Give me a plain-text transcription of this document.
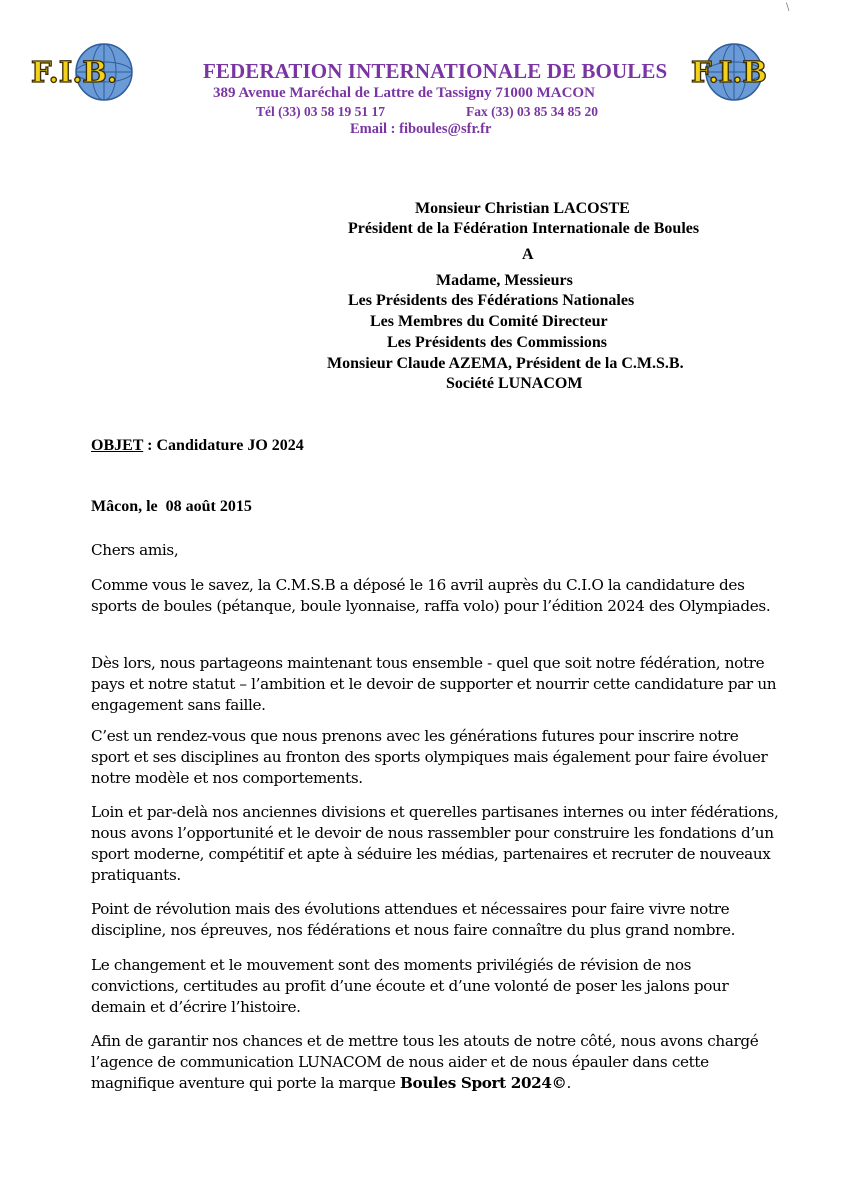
F.I.B.	F.I.B
\
FEDERATION INTERNATIONALE DE BOULES
389 Avenue Maréchal de Lattre de Tassigny 71000 MACON
Tél (33) 03 58 19 51 17	Fax (33) 03 85 34 85 20
Email : fiboules@sfr.fr
Monsieur Christian LACOSTE
Président de la Fédération Internationale de Boules
A
Madame, Messieurs
Les Présidents des Fédérations Nationales
Les Membres du Comité Directeur
Les Présidents des Commissions
Monsieur Claude AZEMA, Président de la C.M.S.B.
Société LUNACOM
OBJET : Candidature JO 2024
Mâcon, le  08 août 2015
Chers amis,
Comme vous le savez, la C.M.S.B a déposé le 16 avril auprès du C.I.O la candidature des sports de boules (pétanque, boule lyonnaise, raffa volo) pour l’édition 2024 des Olympiades.
Dès lors, nous partageons maintenant tous ensemble - quel que soit notre fédération, notre pays et notre statut – l’ambition et le devoir de supporter et nourrir cette candidature par un engagement sans faille.
C’est un rendez-vous que nous prenons avec les générations futures pour inscrire notre sport et ses disciplines au fronton des sports olympiques mais également pour faire évoluer notre modèle et nos comportements.
Loin et par-delà nos anciennes divisions et querelles partisanes internes ou inter fédérations, nous avons l’opportunité et le devoir de nous rassembler pour construire les fondations d’un sport moderne, compétitif et apte à séduire les médias, partenaires et recruter de nouveaux pratiquants.
Point de révolution mais des évolutions attendues et nécessaires pour faire vivre notre discipline, nos épreuves, nos fédérations et nous faire connaître du plus grand nombre.
Le changement et le mouvement sont des moments privilégiés de révision de nos convictions, certitudes au profit d’une écoute et d’une volonté de poser les jalons pour demain et d’écrire l’histoire.
Afin de garantir nos chances et de mettre tous les atouts de notre côté, nous avons chargé l’agence de communication LUNACOM de nous aider et de nous épauler dans cette magnifique aventure qui porte la marque Boules Sport 2024©.
